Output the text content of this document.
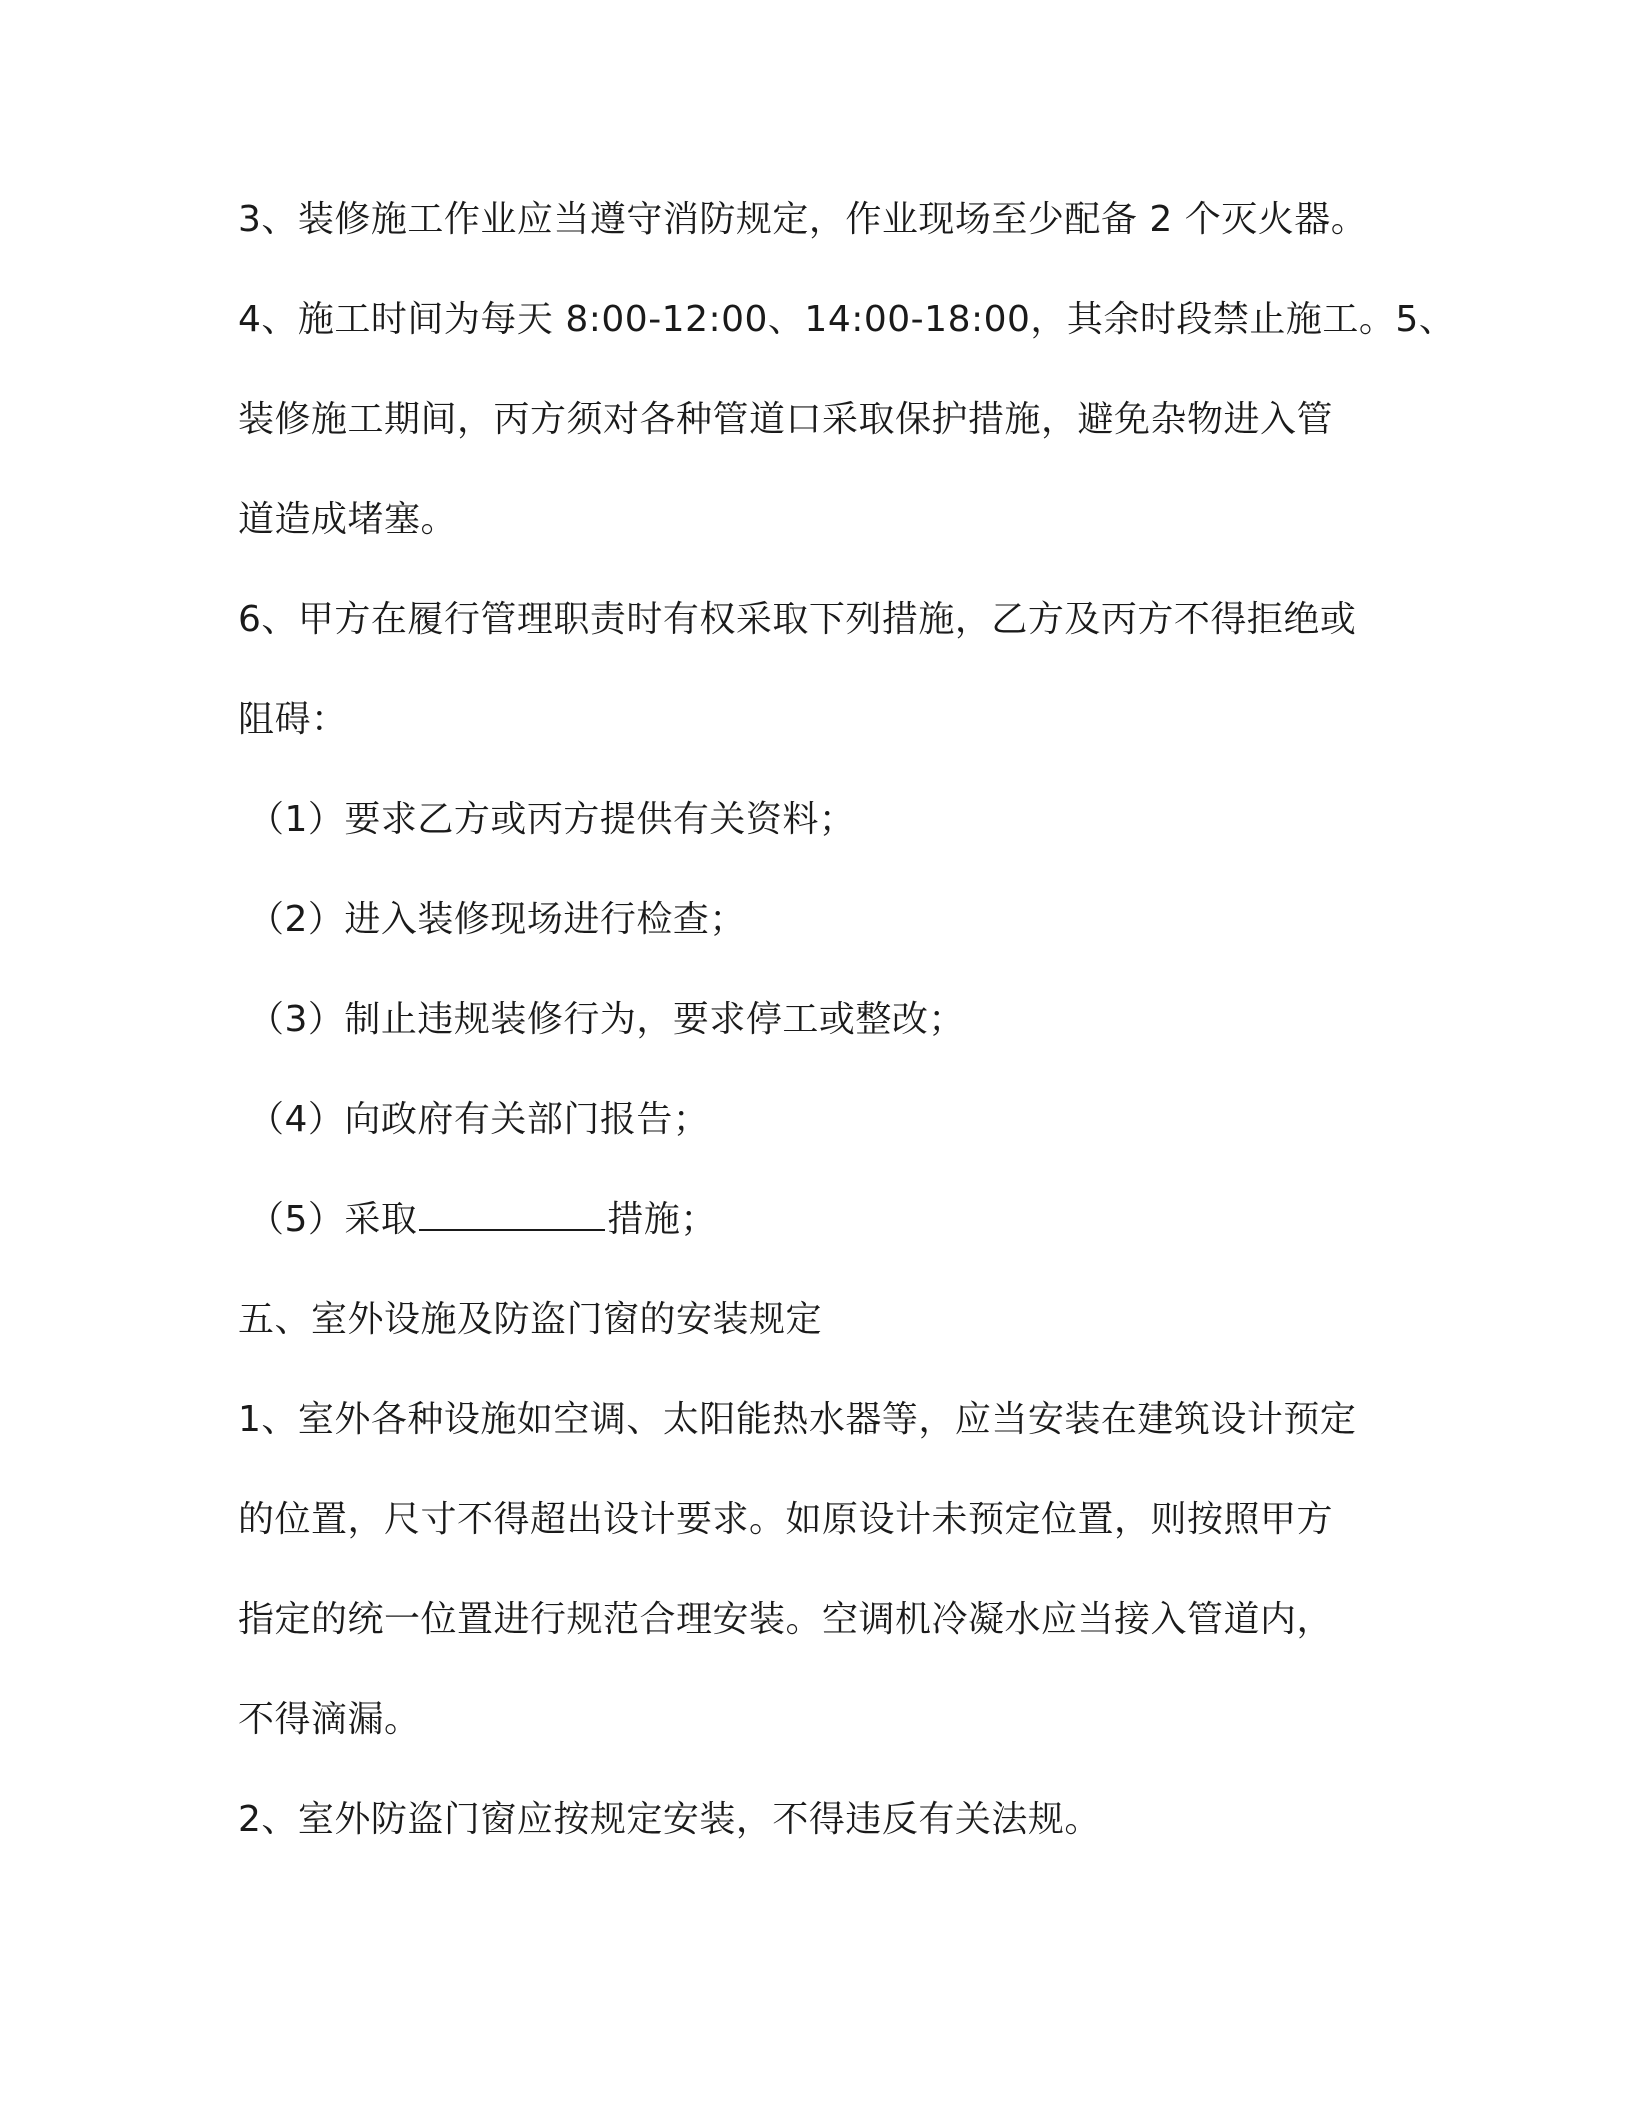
3、装修施工作业应当遵守消防规定，作业现场至少配备 2 个灭火器。
4、施工时间为每天 8:00-12:00、14:00-18:00，其余时段禁止施工。5、
装修施工期间，丙方须对各种管道口采取保护措施，避免杂物进入管
道造成堵塞。
6、甲方在履行管理职责时有权采取下列措施，乙方及丙方不得拒绝或
阻碍：
（1）要求乙方或丙方提供有关资料；
（2）进入装修现场进行检查；
（3）制止违规装修行为，要求停工或整改；
（4）向政府有关部门报告；
（5）采取	措施；
五、室外设施及防盗门窗的安装规定
1、室外各种设施如空调、太阳能热水器等，应当安装在建筑设计预定
的位置，尺寸不得超出设计要求。如原设计未预定位置，则按照甲方
指定的统一位置进行规范合理安装。空调机冷凝水应当接入管道内，
不得滴漏。
2、室外防盗门窗应按规定安装，不得违反有关法规。
